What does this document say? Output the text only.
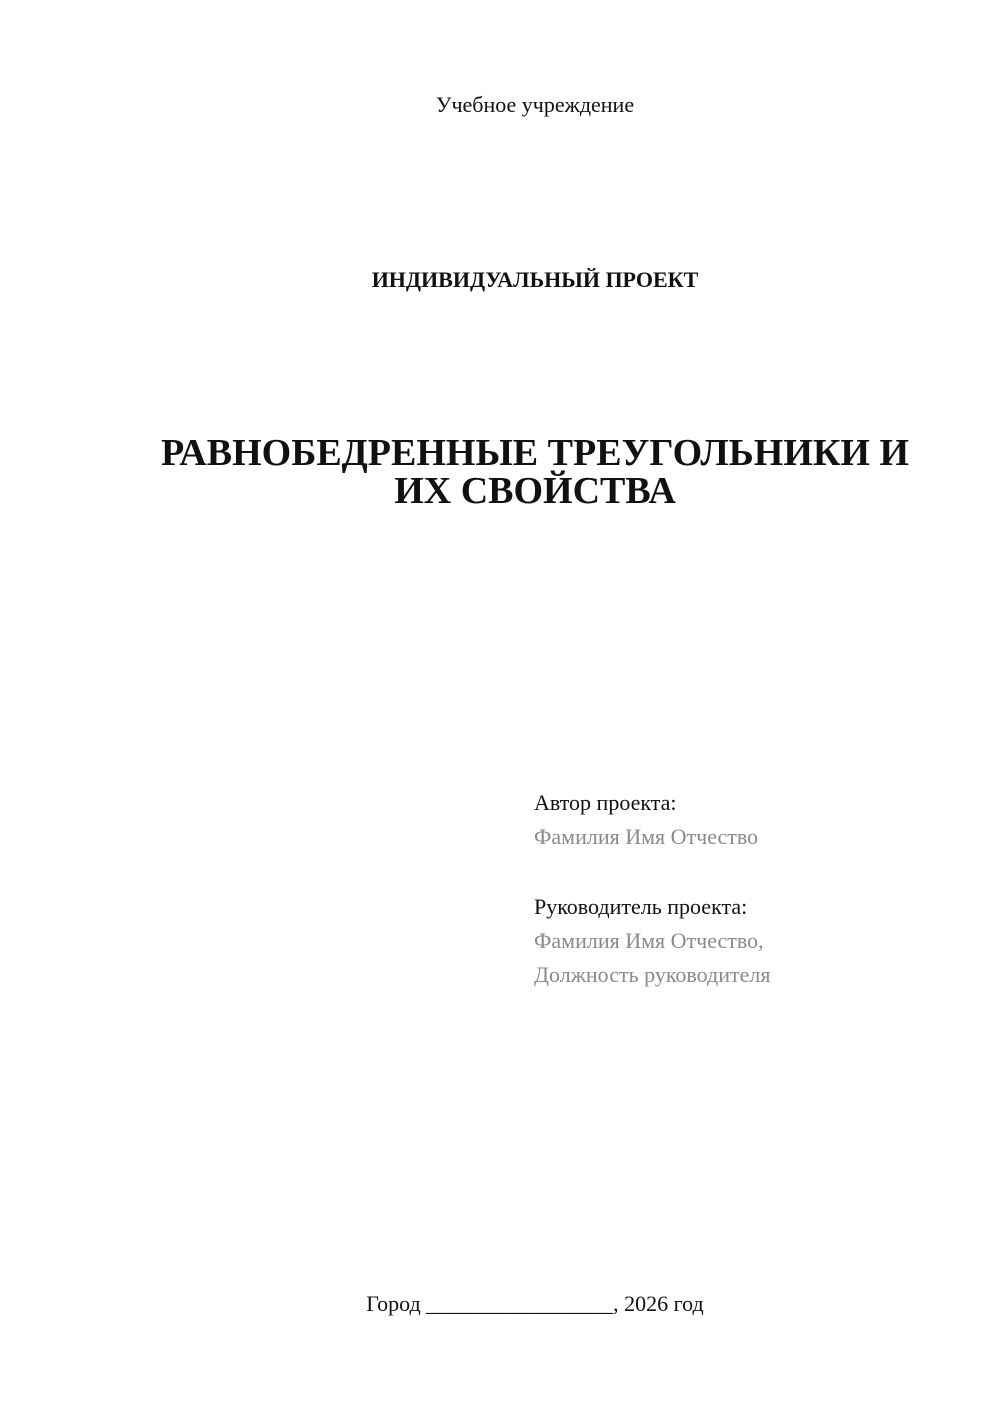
Учебное учреждение
ИНДИВИДУАЛЬНЫЙ ПРОЕКТ
РАВНОБЕДРЕННЫЕ ТРЕУГОЛЬНИКИ И
ИХ СВОЙСТВА
Автор проекта:
Фамилия Имя Отчество
Руководитель проекта:
Фамилия Имя Отчество,
Должность руководителя
Город _________________, 2026 год
